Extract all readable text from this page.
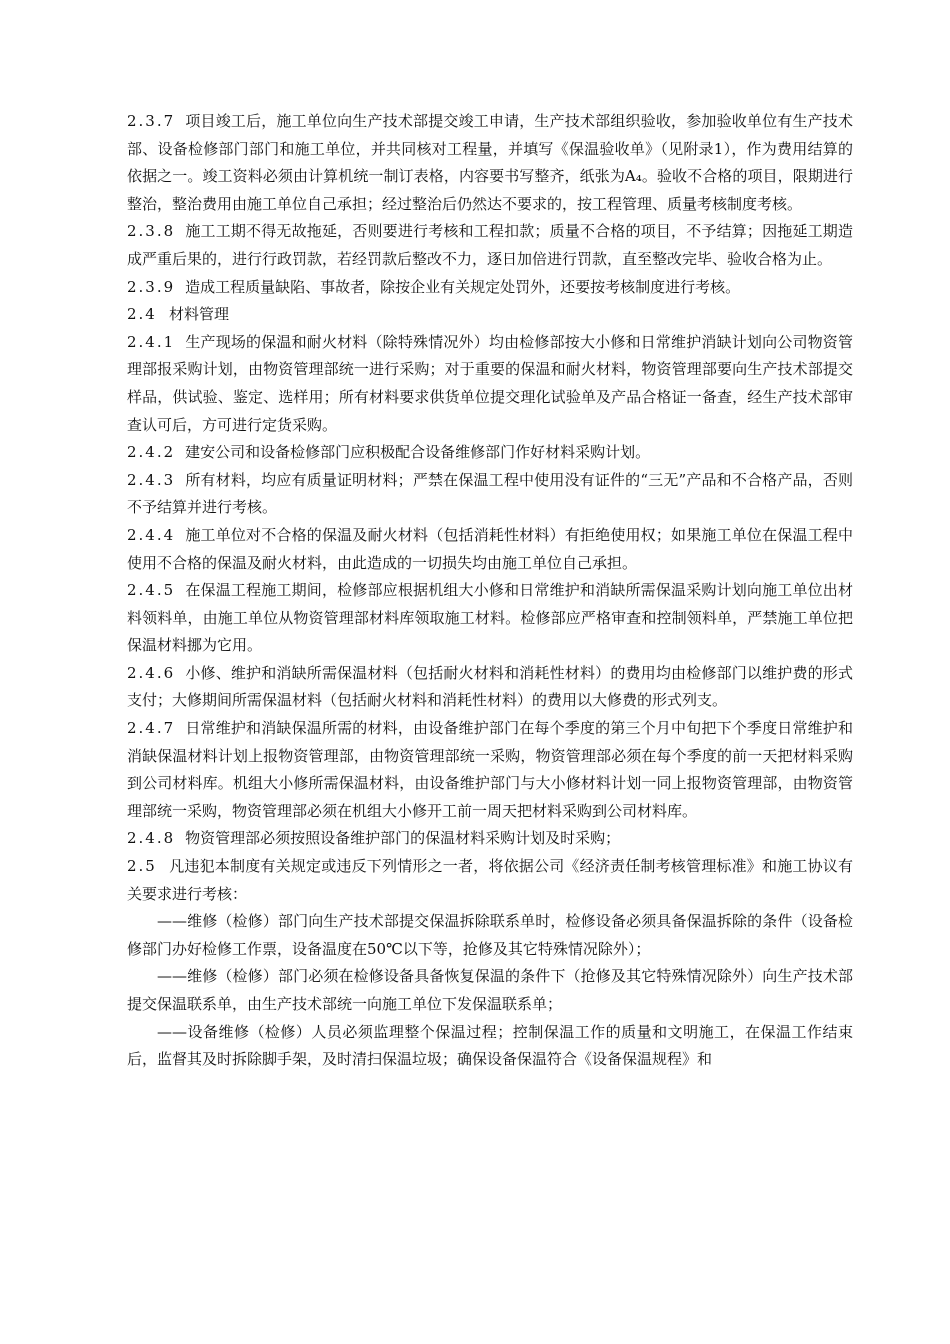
2.3.7 项目竣工后，施工单位向生产技术部提交竣工申请，生产技术部组织验收，参加验收单位有生产技术部、设备检修部门部门和施工单位，并共同核对工程量，并填写《保温验收单》（见附录1），作为费用结算的依据之一。竣工资料必须由计算机统一制订表格，内容要书写整齐，纸张为A₄。验收不合格的项目，限期进行整治，整治费用由施工单位自己承担；经过整治后仍然达不要求的，按工程管理、质量考核制度考核。

2.3.8 施工工期不得无故拖延，否则要进行考核和工程扣款；质量不合格的项目，不予结算；因拖延工期造成严重后果的，进行行政罚款，若经罚款后整改不力，逐日加倍进行罚款，直至整改完毕、验收合格为止。

2.3.9 造成工程质量缺陷、事故者，除按企业有关规定处罚外，还要按考核制度进行考核。

2.4 材料管理

2.4.1 生产现场的保温和耐火材料（除特殊情况外）均由检修部按大小修和日常维护消缺计划向公司物资管理部报采购计划，由物资管理部统一进行采购；对于重要的保温和耐火材料，物资管理部要向生产技术部提交样品，供试验、鉴定、选样用；所有材料要求供货单位提交理化试验单及产品合格证一备查，经生产技术部审查认可后，方可进行定货采购。

2.4.2 建安公司和设备检修部门应积极配合设备维修部门作好材料采购计划。

2.4.3 所有材料，均应有质量证明材料；严禁在保温工程中使用没有证件的“三无”产品和不合格产品，否则不予结算并进行考核。

2.4.4 施工单位对不合格的保温及耐火材料（包括消耗性材料）有拒绝使用权；如果施工单位在保温工程中使用不合格的保温及耐火材料，由此造成的一切损失均由施工单位自己承担。

2.4.5 在保温工程施工期间，检修部应根据机组大小修和日常维护和消缺所需保温采购计划向施工单位出材料领料单，由施工单位从物资管理部材料库领取施工材料。检修部应严格审查和控制领料单，严禁施工单位把保温材料挪为它用。

2.4.6 小修、维护和消缺所需保温材料（包括耐火材料和消耗性材料）的费用均由检修部门以维护费的形式支付；大修期间所需保温材料（包括耐火材料和消耗性材料）的费用以大修费的形式列支。

2.4.7 日常维护和消缺保温所需的材料，由设备维护部门在每个季度的第三个月中旬把下个季度日常维护和消缺保温材料计划上报物资管理部，由物资管理部统一采购，物资管理部必须在每个季度的前一天把材料采购到公司材料库。机组大小修所需保温材料，由设备维护部门与大小修材料计划一同上报物资管理部，由物资管理部统一采购，物资管理部必须在机组大小修开工前一周天把材料采购到公司材料库。

2.4.8 物资管理部必须按照设备维护部门的保温材料采购计划及时采购；

2.5 凡违犯本制度有关规定或违反下列情形之一者，将依据公司《经济责任制考核管理标准》和施工协议有关要求进行考核：

——维修（检修）部门向生产技术部提交保温拆除联系单时，检修设备必须具备保温拆除的条件（设备检修部门办好检修工作票，设备温度在50℃以下等，抢修及其它特殊情况除外）；

——维修（检修）部门必须在检修设备具备恢复保温的条件下（抢修及其它特殊情况除外）向生产技术部提交保温联系单，由生产技术部统一向施工单位下发保温联系单；

——设备维修（检修）人员必须监理整个保温过程；控制保温工作的质量和文明施工，在保温工作结束后，监督其及时拆除脚手架，及时清扫保温垃圾；确保设备保温符合《设备保温规程》和
